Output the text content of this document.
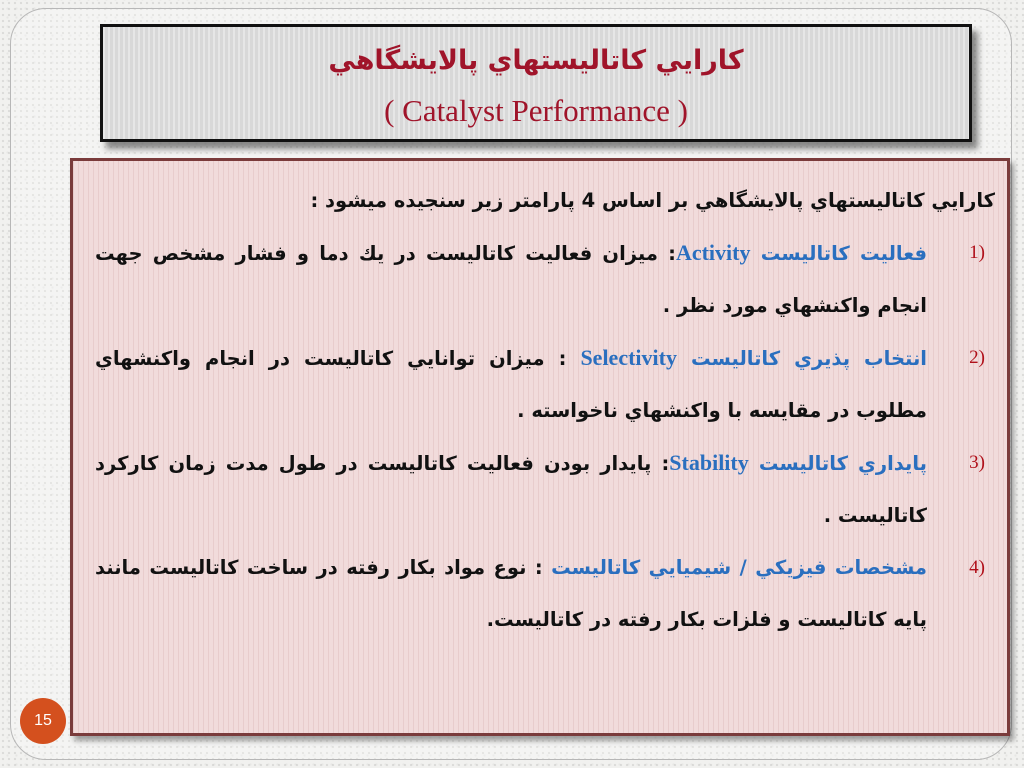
كارايي كاتاليستهاي پالايشگاهي
( Catalyst Performance )

كارايي كاتاليستهاي پالايشگاهي بر اساس 4 پارامتر زير سنجيده ميشود :

1)
فعاليت كاتاليست Activity: ميزان فعاليت كاتاليست در يك دما و فشار مشخص جهت انجام واكنشهاي مورد نظر .

2)
انتخاب پذيري كاتاليست Selectivity : ميزان توانايي كاتاليست در انجام واكنشهاي مطلوب در مقايسه با واكنشهاي ناخواسته .

3)
پايداري كاتاليست Stability: پايدار بودن فعاليت كاتاليست در طول مدت زمان كاركرد كاتاليست .

4)
مشخصات فيزيكي / شيميايي كاتاليست : نوع مواد بكار رفته در ساخت كاتاليست مانند پايه كاتاليست و فلزات بكار رفته در كاتاليست.

15
